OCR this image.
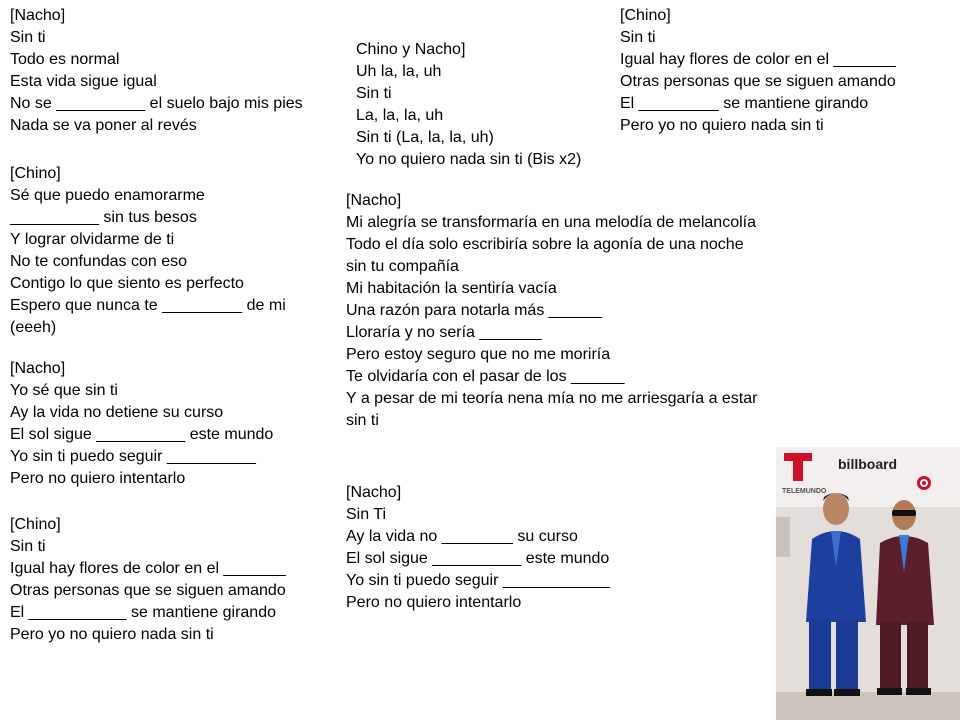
[Nacho]
Sin ti
Todo es normal
Esta vida sigue igual
No se __________ el suelo bajo mis pies
Nada se va poner al revés
[Chino]
Sé que puedo enamorarme
__________ sin tus besos
Y lograr olvidarme de ti
No te confundas con eso
Contigo lo que siento es perfecto
Espero que nunca te _________ de mi
(eeeh)
[Nacho]
Yo sé que sin ti
Ay la vida no detiene su curso
El sol sigue __________ este mundo
Yo sin ti puedo seguir __________
Pero no quiero intentarlo
[Chino]
Sin ti
Igual hay flores de color en el _______
Otras personas que se siguen amando
El ___________ se mantiene girando
Pero yo no quiero nada sin ti
Chino y Nacho]
Uh la, la, uh
Sin ti
La, la, la, uh
Sin ti (La, la, la, uh)
Yo no quiero nada sin ti (Bis x2)
[Chino]
Sin ti
Igual hay flores de color en el _______
Otras personas que se siguen amando
El _________ se mantiene girando
Pero yo no quiero nada sin ti
[Nacho]
Mi alegría se transformaría en una melodía de melancolía
Todo el día solo escribiría sobre la agonía de una noche sin tu compañía
Mi habitación la sentiría vacía
Una razón para notarla más ______
Lloraría y no sería _______
Pero estoy seguro que no me moriría
Te olvidaría con el pasar de los ______
Y a pesar de mi teoría nena mía no me arriesgaría a estar sin ti
[Nacho]
Sin Ti
Ay la vida no ________ su curso
El sol sigue __________ este mundo
Yo sin ti puedo seguir ____________
Pero no quiero intentarlo
TELEMUNDO
billboard
